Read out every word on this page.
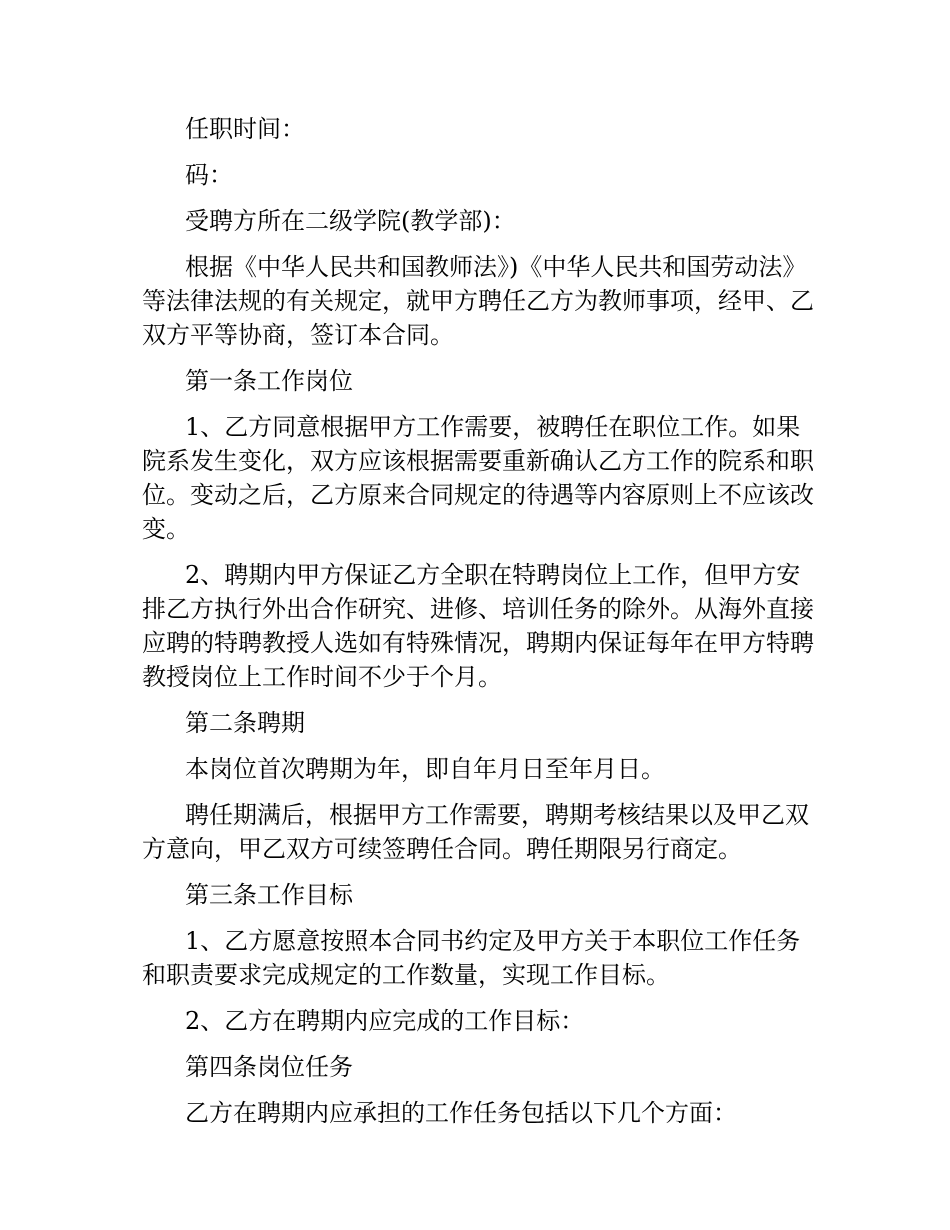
任职时间：

码：

受聘方所在二级学院(教学部)：

根据《中华人民共和国教师法》)《中华人民共和国劳动法》等法律法规的有关规定，就甲方聘任乙方为教师事项，经甲、乙双方平等协商，签订本合同。

第一条工作岗位

1、乙方同意根据甲方工作需要，被聘任在职位工作。如果院系发生变化，双方应该根据需要重新确认乙方工作的院系和职位。变动之后，乙方原来合同规定的待遇等内容原则上不应该改变。

2、聘期内甲方保证乙方全职在特聘岗位上工作，但甲方安排乙方执行外出合作研究、进修、培训任务的除外。从海外直接应聘的特聘教授人选如有特殊情况，聘期内保证每年在甲方特聘教授岗位上工作时间不少于个月。

第二条聘期

本岗位首次聘期为年，即自年月日至年月日。

聘任期满后，根据甲方工作需要，聘期考核结果以及甲乙双方意向，甲乙双方可续签聘任合同。聘任期限另行商定。

第三条工作目标

1、乙方愿意按照本合同书约定及甲方关于本职位工作任务和职责要求完成规定的工作数量，实现工作目标。

2、乙方在聘期内应完成的工作目标：

第四条岗位任务

乙方在聘期内应承担的工作任务包括以下几个方面：
